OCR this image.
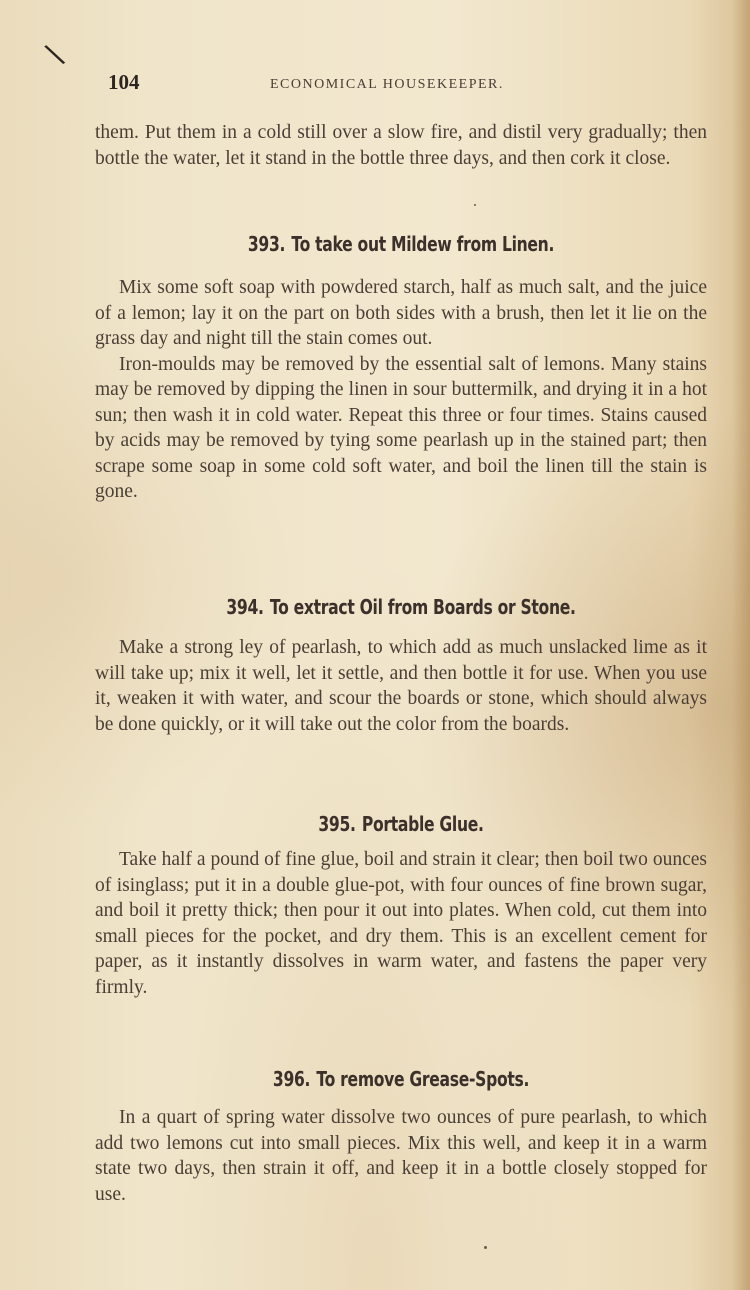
\
104	ECONOMICAL HOUSEKEEPER.

them. Put them in a cold still over a slow fire, and distil very gradually; then bottle the water, let it stand in the bottle three days, and then cork it close.

393. To take out Mildew from Linen.

Mix some soft soap with powdered starch, half as much salt, and the juice of a lemon; lay it on the part on both sides with a brush, then let it lie on the grass day and night till the stain comes out.

Iron-moulds may be removed by the essential salt of lemons. Many stains may be removed by dipping the linen in sour buttermilk, and drying it in a hot sun; then wash it in cold water. Repeat this three or four times. Stains caused by acids may be removed by tying some pearlash up in the stained part; then scrape some soap in some cold soft water, and boil the linen till the stain is gone.

394. To extract Oil from Boards or Stone.

Make a strong ley of pearlash, to which add as much unslacked lime as it will take up; mix it well, let it settle, and then bottle it for use. When you use it, weaken it with water, and scour the boards or stone, which should always be done quickly, or it will take out the color from the boards.

395. Portable Glue.

Take half a pound of fine glue, boil and strain it clear; then boil two ounces of isinglass; put it in a double glue-pot, with four ounces of fine brown sugar, and boil it pretty thick; then pour it out into plates. When cold, cut them into small pieces for the pocket, and dry them. This is an excellent cement for paper, as it instantly dissolves in warm water, and fastens the paper very firmly.

396. To remove Grease-Spots.

In a quart of spring water dissolve two ounces of pure pearlash, to which add two lemons cut into small pieces. Mix this well, and keep it in a warm state two days, then strain it off, and keep it in a bottle closely stopped for use.
